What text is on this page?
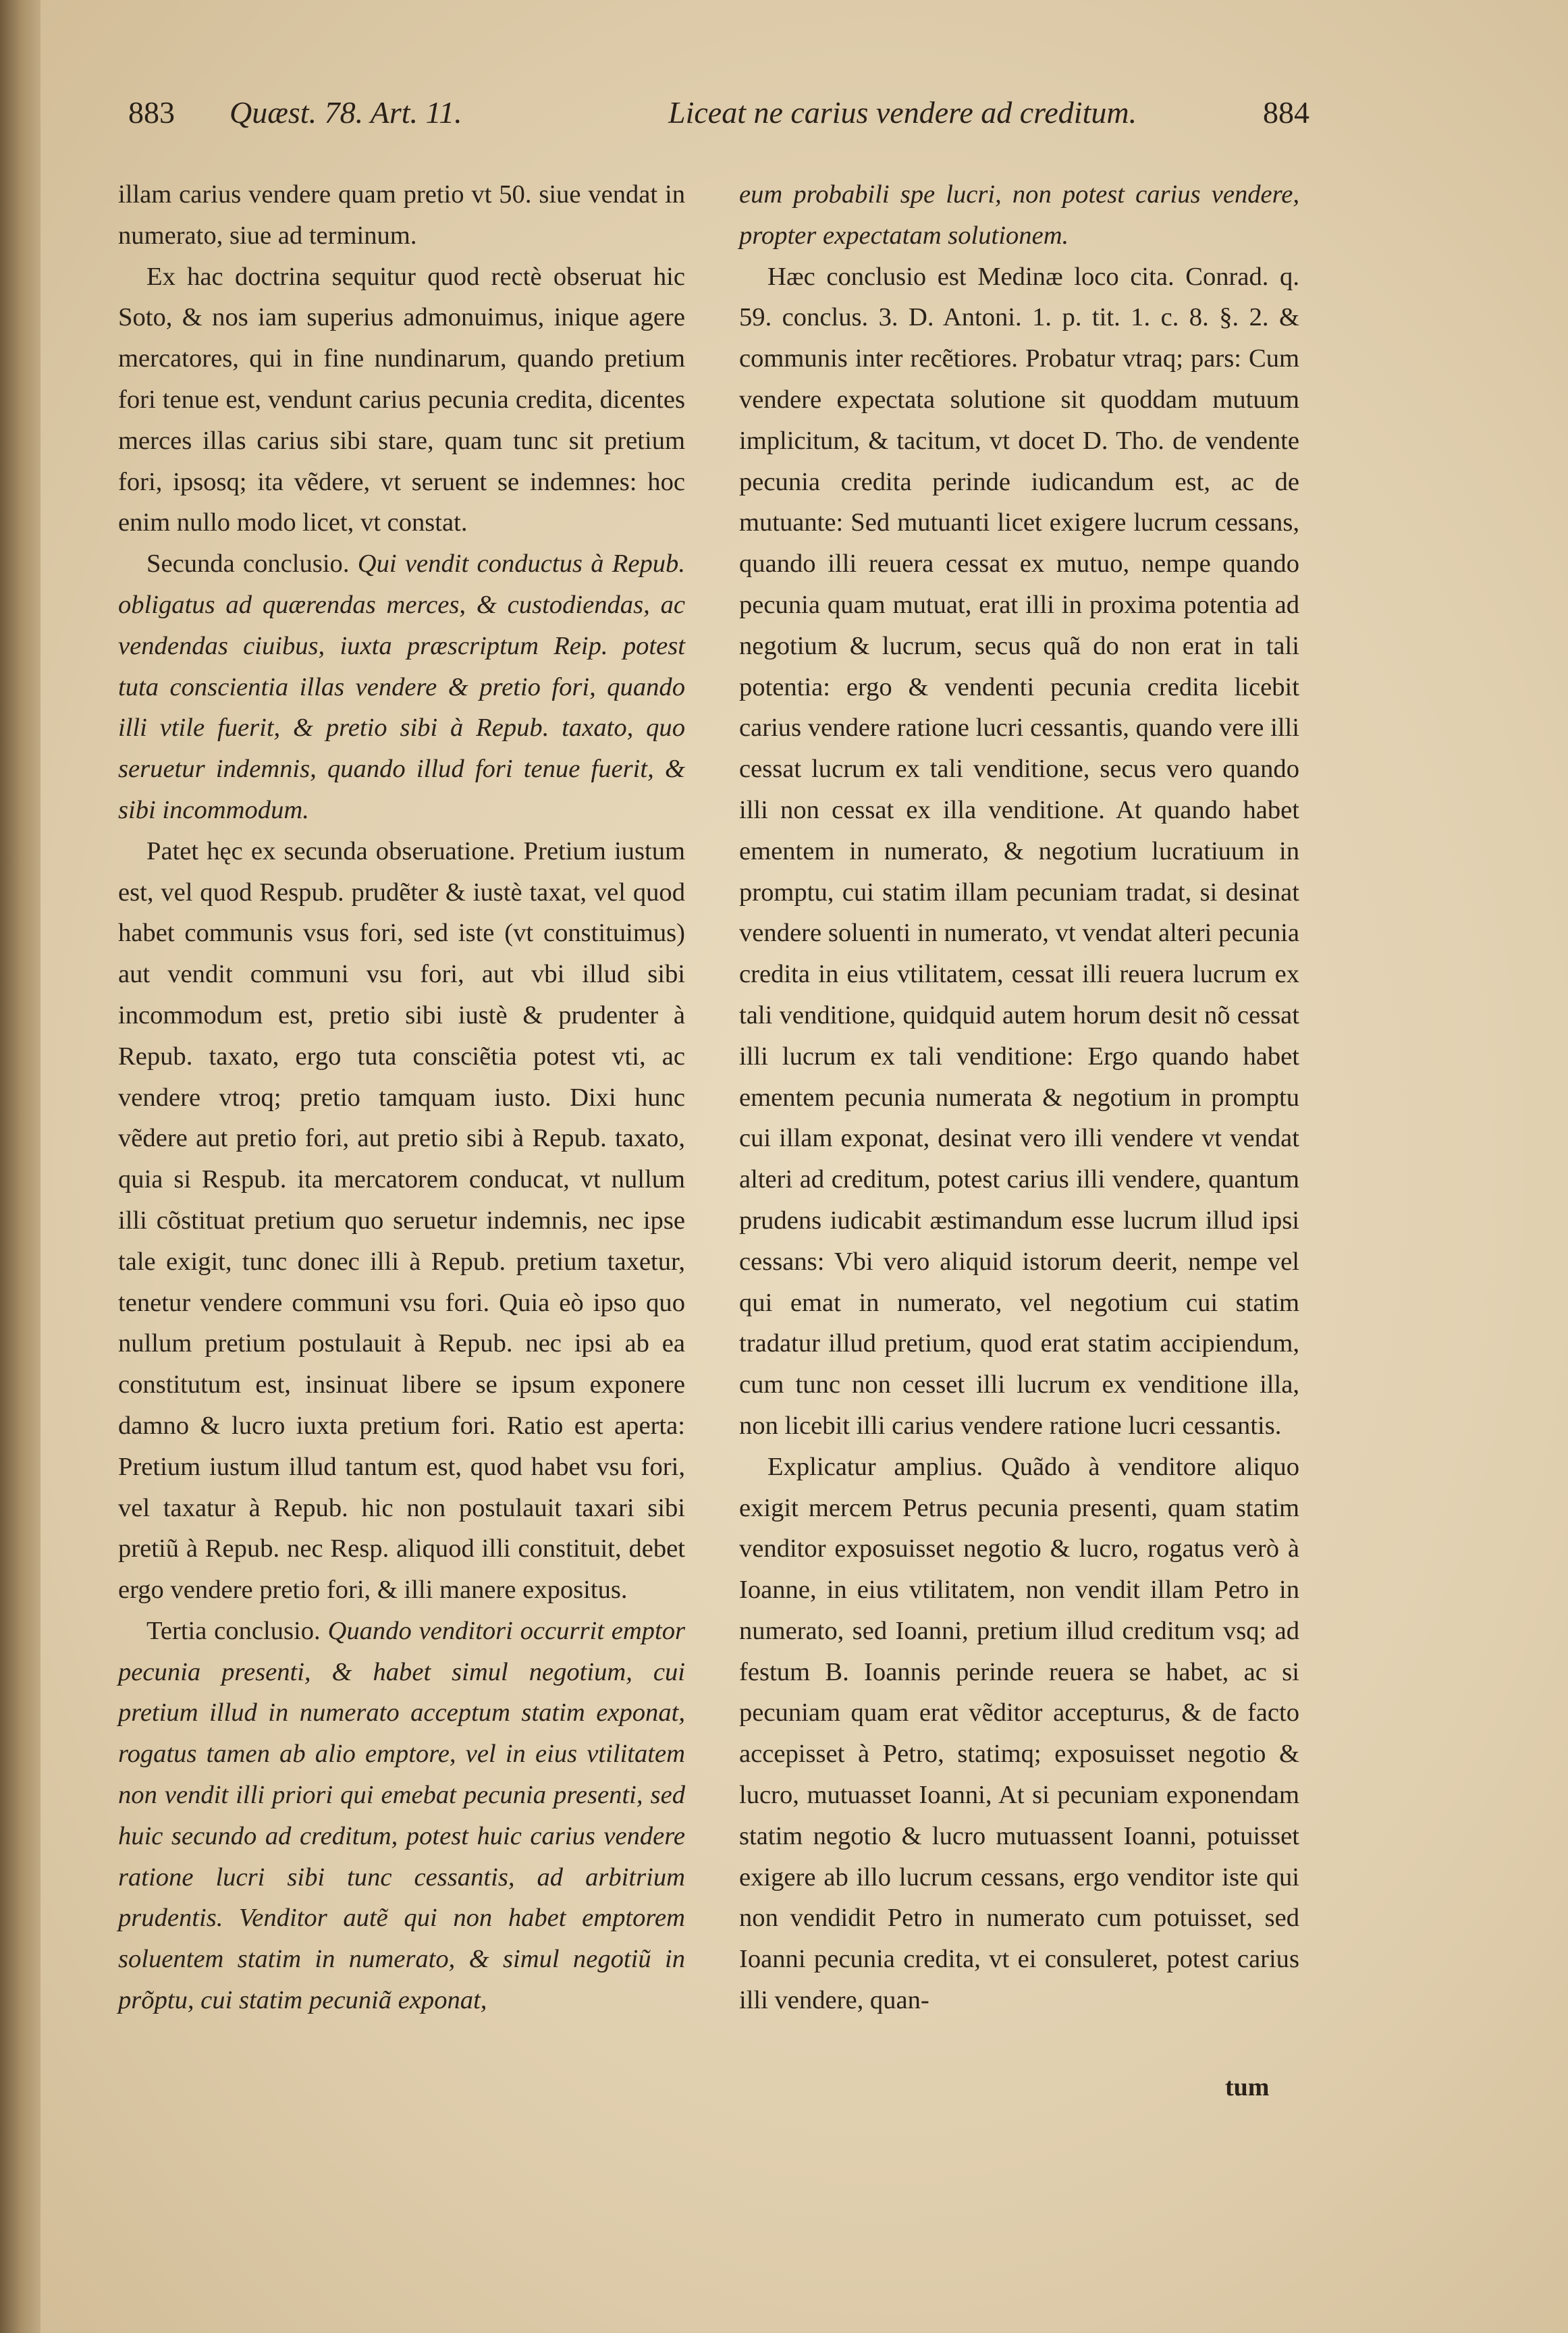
883 Quæst. 78. Art. 11.	Liceat ne carius vendere ad creditum.	884

illam carius vendere quam pretio vt 50. siue vendat in numerato, siue ad terminum.

Ex hac doctrina sequitur quod rectè obseruat hic Soto, & nos iam superius admonuimus, inique agere mercatores, qui in fine nundinarum, quando pretium fori tenue est, vendunt carius pecunia credita, dicentes merces illas carius sibi stare, quam tunc sit pretium fori, ipsosq; ita vẽdere, vt seruent se indemnes: hoc enim nullo modo licet, vt constat.

Secunda conclusio. Qui vendit conductus à Repub. obligatus ad quærendas merces, & custodiendas, ac vendendas ciuibus, iuxta præscriptum Reip. potest tuta conscientia illas vendere & pretio fori, quando illi vtile fuerit, & pretio sibi à Repub. taxato, quo seruetur indemnis, quando illud fori tenue fuerit, & sibi incommodum.

Patet hęc ex secunda obseruatione. Pretium iustum est, vel quod Respub. prudẽter & iustè taxat, vel quod habet communis vsus fori, sed iste (vt constituimus) aut vendit communi vsu fori, aut vbi illud sibi incommodum est, pretio sibi iustè & prudenter à Repub. taxato, ergo tuta consciẽtia potest vti, ac vendere vtroq; pretio tamquam iusto. Dixi hunc vẽdere aut pretio fori, aut pretio sibi à Repub. taxato, quia si Respub. ita mercatorem conducat, vt nullum illi cõstituat pretium quo seruetur indemnis, nec ipse tale exigit, tunc donec illi à Repub. pretium taxetur, tenetur vendere communi vsu fori. Quia eò ipso quo nullum pretium postulauit à Repub. nec ipsi ab ea constitutum est, insinuat libere se ipsum exponere damno & lucro iuxta pretium fori. Ratio est aperta: Pretium iustum illud tantum est, quod habet vsu fori, vel taxatur à Repub. hic non postulauit taxari sibi pretiũ à Repub. nec Resp. aliquod illi constituit, debet ergo vendere pretio fori, & illi manere expositus.

Tertia conclusio. Quando venditori occurrit emptor pecunia presenti, & habet simul negotium, cui pretium illud in numerato acceptum statim exponat, rogatus tamen ab alio emptore, vel in eius vtilitatem non vendit illi priori qui emebat pecunia presenti, sed huic secundo ad creditum, potest huic carius vendere ratione lucri sibi tunc cessantis, ad arbitrium prudentis. Venditor autẽ qui non habet emptorem soluentem statim in numerato, & simul negotiũ in prõptu, cui statim pecuniã exponat,

eum probabili spe lucri, non potest carius vendere, propter expectatam solutionem.

Hæc conclusio est Medinæ loco cita. Conrad. q. 59. conclus. 3. D. Antoni. 1. p. tit. 1. c. 8. §. 2. & communis inter recẽtiores. Probatur vtraq; pars: Cum vendere expectata solutione sit quoddam mutuum implicitum, & tacitum, vt docet D. Tho. de vendente pecunia credita perinde iudicandum est, ac de mutuante: Sed mutuanti licet exigere lucrum cessans, quando illi reuera cessat ex mutuo, nempe quando pecunia quam mutuat, erat illi in proxima potentia ad negotium & lucrum, secus quã do non erat in tali potentia: ergo & vendenti pecunia credita licebit carius vendere ratione lucri cessantis, quando vere illi cessat lucrum ex tali venditione, secus vero quando illi non cessat ex illa venditione. At quando habet ementem in numerato, & negotium lucratiuum in promptu, cui statim illam pecuniam tradat, si desinat vendere soluenti in numerato, vt vendat alteri pecunia credita in eius vtilitatem, cessat illi reuera lucrum ex tali venditione, quidquid autem horum desit nõ cessat illi lucrum ex tali venditione: Ergo quando habet ementem pecunia numerata & negotium in promptu cui illam exponat, desinat vero illi vendere vt vendat alteri ad creditum, potest carius illi vendere, quantum prudens iudicabit æstimandum esse lucrum illud ipsi cessans: Vbi vero aliquid istorum deerit, nempe vel qui emat in numerato, vel negotium cui statim tradatur illud pretium, quod erat statim accipiendum, cum tunc non cesset illi lucrum ex venditione illa, non licebit illi carius vendere ratione lucri cessantis.

Explicatur amplius. Quãdo à venditore aliquo exigit mercem Petrus pecunia presenti, quam statim venditor exposuisset negotio & lucro, rogatus verò à Ioanne, in eius vtilitatem, non vendit illam Petro in numerato, sed Ioanni, pretium illud creditum vsq; ad festum B. Ioannis perinde reuera se habet, ac si pecuniam quam erat vẽditor accepturus, & de facto accepisset à Petro, statimq; exposuisset negotio & lucro, mutuasset Ioanni, At si pecuniam exponendam statim negotio & lucro mutuassent Ioanni, potuisset exigere ab illo lucrum cessans, ergo venditor iste qui non vendidit Petro in numerato cum potuisset, sed Ioanni pecunia credita, vt ei consuleret, potest carius illi vendere, quan-

tum
